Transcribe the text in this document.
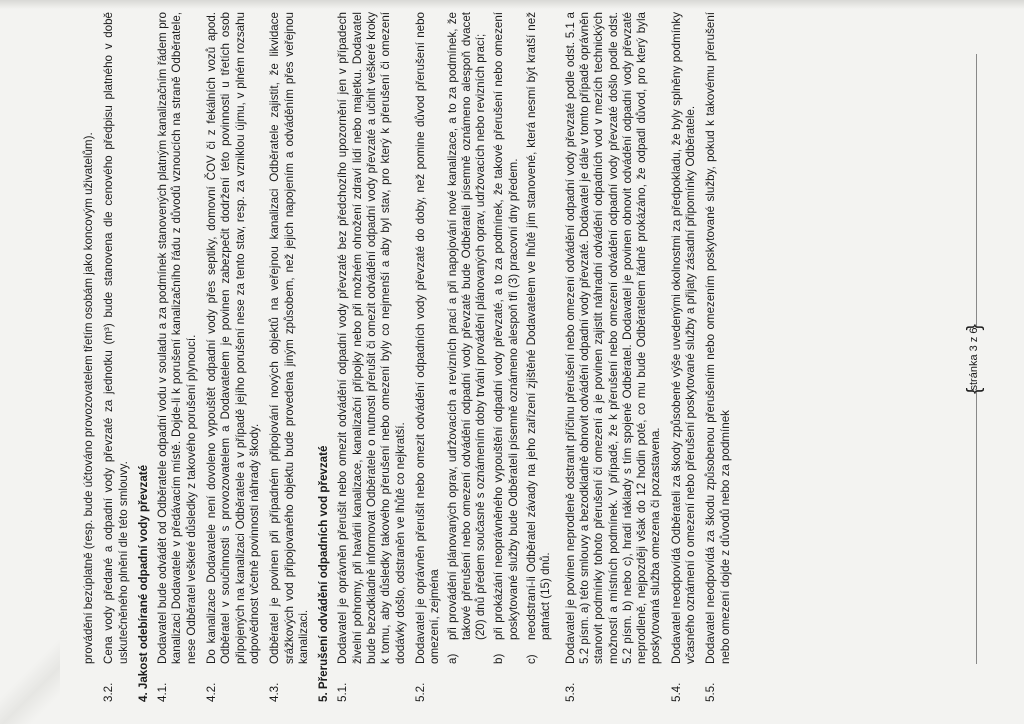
provádění bezúplatně (resp. bude účtováno provozovatelem třetím osobám jako koncovým uživatelům).
3.2.
Cena vody předané a odpadní vody převzaté za jednotku (m³) bude stanovena dle cenového předpisu platného v době uskutečněného plnění dle této smlouvy. 4. Jakost odebírané odpadní vody převzaté 4.1.
Dodavatel bude odvádět od Odběratele odpadní vodu v souladu a za podmínek stanovených platným kanalizačním řádem pro kanalizaci Dodavatele v předávacím místě. Dojde-li k porušení kanalizačního řádu z důvodů vznoucích na straně Odběratele, nese Odběratel veškeré důsledky z takového porušení plynoucí.
4.2.
Do kanalizace Dodavatele není dovoleno vypouštět odpadní vody přes septiky, domovní ČOV či z fekálních vozů apod. Odběratel v součinnosti s provozovatelem a Dodavatelem je povinen zabezpečit dodržení této povinnosti u třetích osob připojených na kanalizaci Odběratele a v případě jejího porušení nese za tento stav, resp. za vzniklou újmu, v plném rozsahu odpovědnost včetně povinnosti náhrady škody.
4.3.
Odběratel je povinen při případném připojování nových objektů na veřejnou kanalizaci Odběratele zajistit, že likvidace srážkových vod připojovaného objektu bude provedena jiným způsobem, než jejich napojením a odváděním přes veřejnou kanalizaci. 5. Přerušení odvádění odpadních vod převzaté 5.1.
Dodavatel je oprávněn přerušit nebo omezit odvádění odpadní vody převzaté bez předchozího upozornění jen v případech živelní pohromy, při havárii kanalizace, kanalizační přípojky nebo při možném ohrožení zdraví lidí nebo majetku. Dodavatel bude bezodkladně informovat Odběratele o nutnosti přerušit či omezit odvádění odpadní vody převzaté a učinit veškeré kroky k tomu, aby důsledky takového přerušení nebo omezení byly co nejmenší a aby byl stav, pro který k přerušení či omezení dodávky došlo, odstraněn ve lhůtě co nejkratší.
5.2.
Dodavatel je oprávněn přerušit nebo omezit odvádění odpadních vody převzaté do doby, než pomine důvod přerušení nebo omezení, zejména a)
při provádění plánovaných oprav, udržovacích a revizních prací a při napojování nové kanalizace, a to za podmínek, že takové přerušení nebo omezení odvádění odpadní vody převzaté bude Odběrateli písemně oznámeno alespoň dvacet (20) dnů předem současně s oznámením doby trvání provádění plánovaných oprav, udržovacích nebo revizních prací;
b)
při prokázání neoprávněného vypouštění odpadní vody převzaté, a to za podmínek, že takové přerušení nebo omezení poskytované služby bude Odběrateli písemně oznámeno alespoň tři (3) pracovní dny předem.
c)
neodstraní-li Odběratel závady na jeho zařízení zjištěné Dodavatelem ve lhůtě jím stanovené, která nesmí být kratší než patnáct (15) dnů.
5.3.
Dodavatel je povinen neprodleně odstranit příčinu přerušení nebo omezení odvádění odpadní vody převzaté podle odst. 5.1 a 5.2 písm. a) této smlouvy a bezodkladně obnovit odvádění odpadní vody převzaté. Dodavatel je dále v tomto případě oprávněn stanovit podmínky tohoto přerušení či omezení a je povinen zajistit náhradní odvádění odpadních vod v mezích technických možností a místních podmínek. V případě, že k přerušení nebo omezení odvádění odpadní vody převzaté došlo podle odst. 5.2 písm. b) nebo c), hradí náklady s tím spojené Odběratel. Dodavatel je povinen obnovit odvádění odpadní vody převzaté neprodleně, nejpozději však do 12 hodin poté, co mu bude Odběratelem řádně prokázáno, že odpadl důvod, pro který byla poskytovaná služba omezena či pozastavena.
5.4.
Dodavatel neodpovídá Odběrateli za škody způsobené výše uvedenými okolnostmi za předpokladu, že byly splněny podmínky včasného oznámení o omezení nebo přerušení poskytované služby a přijaty zásadní připomínky Odběratele.
5.5.
Dodavatel neodpovídá za škodu způsobenou přerušením nebo omezením poskytované služby, pokud k takovému přerušení nebo omezení dojde z důvodů nebo za podmínek
{ stránka 3 z 6 }
